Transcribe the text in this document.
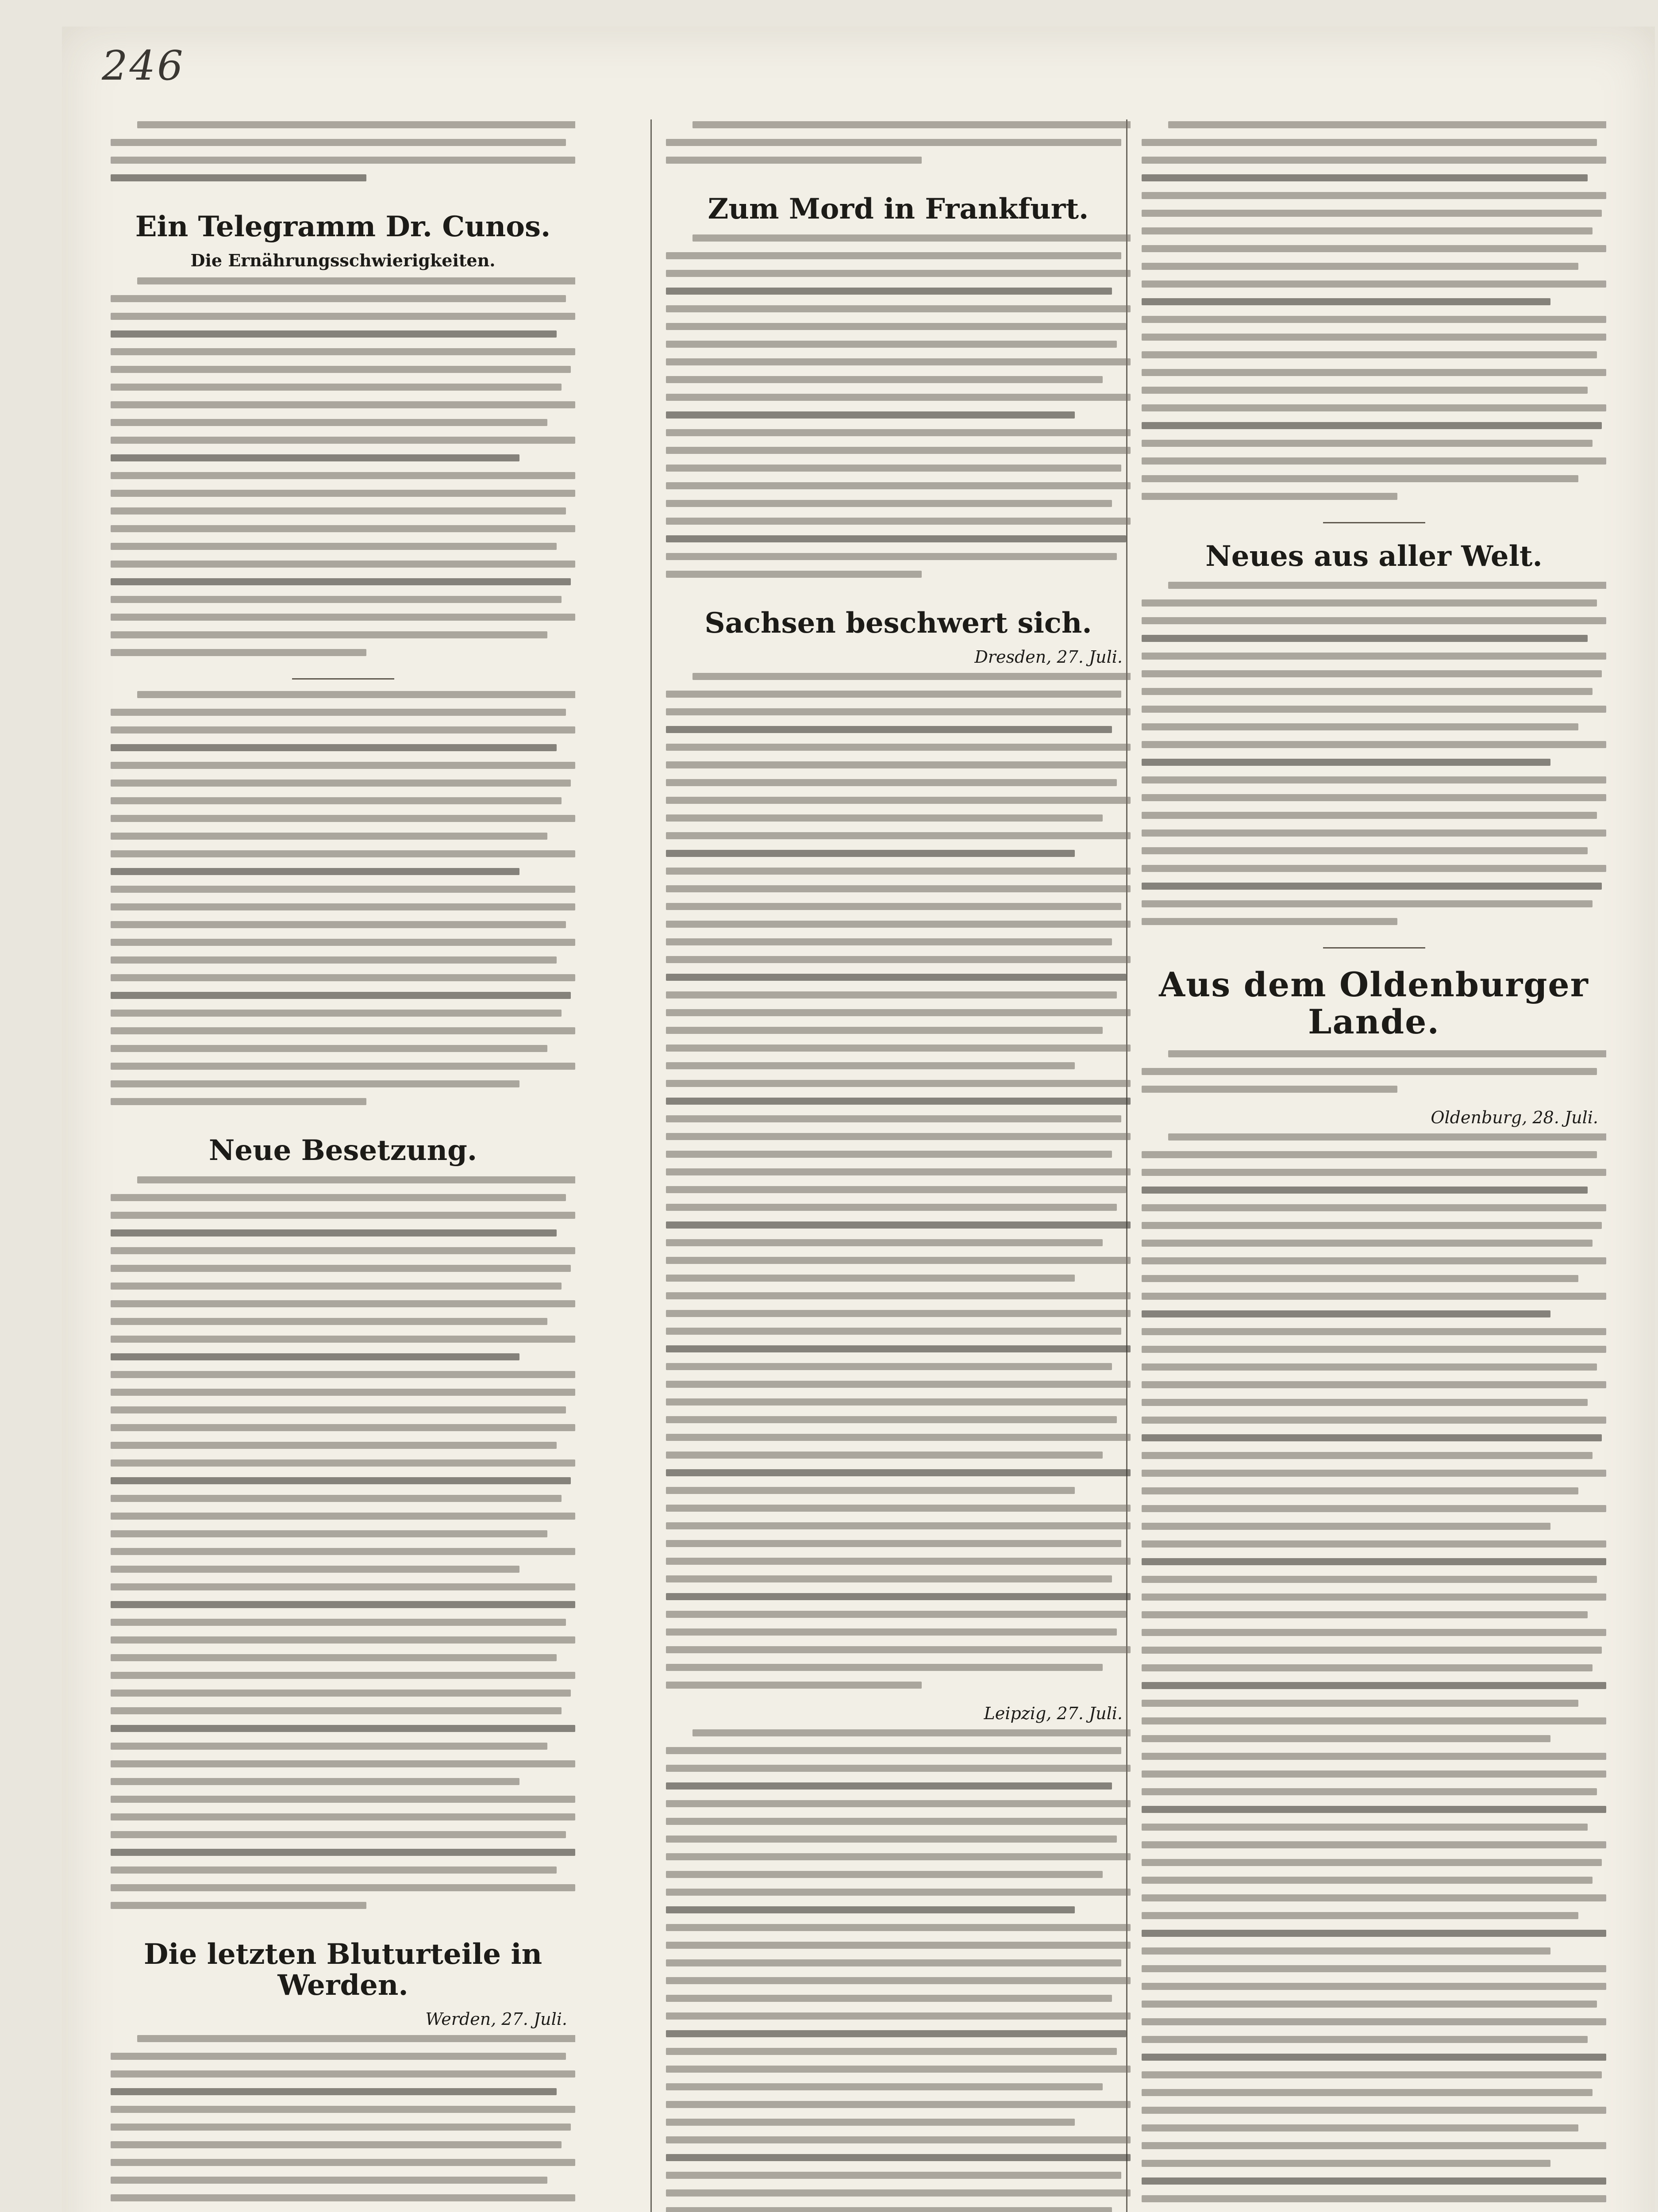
246
Ein Telegramm Dr. Cunos.
Die Ernährungsschwierigkeiten.
Neue Besetzung.
Die letzten Bluturteile in Werden.
Werden, 27. Juli.
Zum Mord in Frankfurt.
Sachsen beschwert sich.
Dresden, 27. Juli.
Leipzig, 27. Juli.
Neues aus aller Welt.
Aus dem Oldenburger Lande.
Oldenburg, 28. Juli.
